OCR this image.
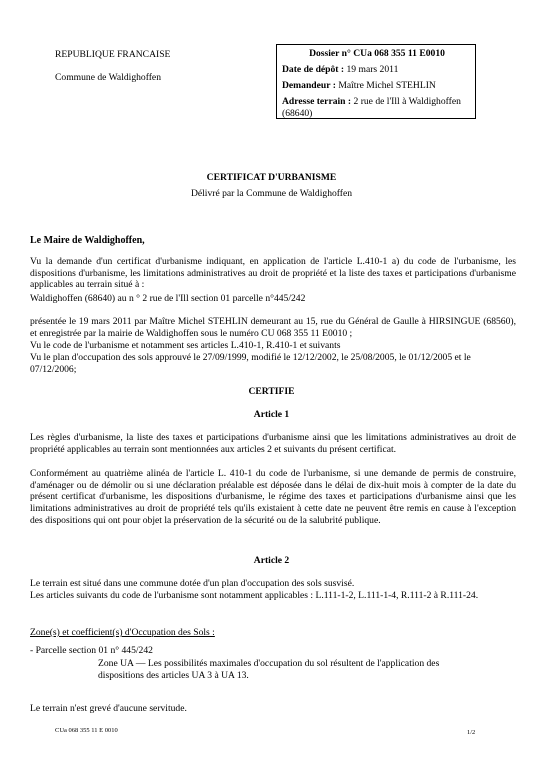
REPUBLIQUE FRANCAISE
Commune de Waldighoffen
Dossier n° CUa 068 355 11 E0010
Date de dépôt : 19 mars 2011
Demandeur : Maître Michel STEHLIN
Adresse terrain : 2 rue de l'Ill à Waldighoffen (68640)
CERTIFICAT D'URBANISME
Délivré par la Commune de Waldighoffen
Le Maire de Waldighoffen,
Vu la demande d'un certificat d'urbanisme indiquant, en application de l'article L.410-1 a) du code de l'urbanisme, les dispositions d'urbanisme, les limitations administratives au droit de propriété et la liste des taxes et participations d'urbanisme applicables au terrain situé à :
Waldighoffen (68640) au n ° 2 rue de l'Ill section 01 parcelle n°445/242
présentée le 19 mars 2011 par Maître Michel STEHLIN demeurant au 15, rue du Général de Gaulle à HIRSINGUE (68560), et enregistrée par la mairie de Waldighoffen sous le numéro CU 068 355 11 E0010 ;
Vu le code de l'urbanisme et notamment ses articles L.410-1, R.410-1 et suivants
Vu le plan d'occupation des sols approuvé le 27/09/1999, modifié le 12/12/2002, le 25/08/2005, le 01/12/2005 et le 07/12/2006;
CERTIFIE
Article 1
Les règles d'urbanisme, la liste des taxes et participations d'urbanisme ainsi que les limitations administratives au droit de propriété applicables au terrain sont mentionnées aux articles 2 et suivants du présent certificat.
Conformément au quatrième alinéa de l'article L. 410-1 du code de l'urbanisme, si une demande de permis de construire, d'aménager ou de démolir ou si une déclaration préalable est déposée dans le délai de dix-huit mois à compter de la date du présent certificat d'urbanisme, les dispositions d'urbanisme, le régime des taxes et participations d'urbanisme ainsi que les limitations administratives au droit de propriété tels qu'ils existaient à cette date ne peuvent être remis en cause à l'exception des dispositions qui ont pour objet la préservation de la sécurité ou de la salubrité publique.
Article 2
Le terrain est situé dans une commune dotée d'un plan d'occupation des sols susvisé.
Les articles suivants du code de l'urbanisme sont notamment applicables : L.111-1-2, L.111-1-4, R.111-2 à R.111-24.
Zone(s) et coefficient(s) d'Occupation des Sols :
- Parcelle section 01 n° 445/242
Zone UA — Les possibilités maximales d'occupation du sol résultent de l'application des dispositions des articles UA 3 à UA 13.
Le terrain n'est grevé d'aucune servitude.
CUa 068 355 11 E 0010	1/2
